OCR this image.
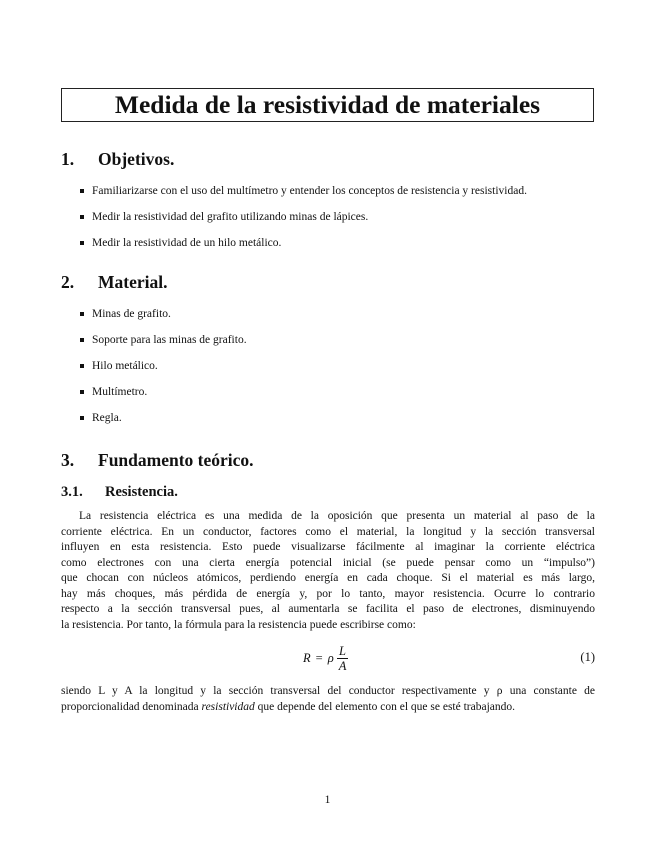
Medida de la resistividad de materiales
1. Objetivos.
Familiarizarse con el uso del multímetro y entender los conceptos de resistencia y resistividad.
Medir la resistividad del grafito utilizando minas de lápices.
Medir la resistividad de un hilo metálico.
2. Material.
Minas de grafito.
Soporte para las minas de grafito.
Hilo metálico.
Multímetro.
Regla.
3. Fundamento teórico.
3.1. Resistencia.
La resistencia eléctrica es una medida de la oposición que presenta un material al paso de la
corriente eléctrica. En un conductor, factores como el material, la longitud y la sección transversal
influyen en esta resistencia. Esto puede visualizarse fácilmente al imaginar la corriente eléctrica
como electrones con una cierta energía potencial inicial (se puede pensar como un “impulso”)
que chocan con núcleos atómicos, perdiendo energía en cada choque. Si el material es más largo,
hay más choques, más pérdida de energía y, por lo tanto, mayor resistencia. Ocurre lo contrario
respecto a la sección transversal pues, al aumentarla se facilita el paso de electrones, disminuyendo
la resistencia. Por tanto, la fórmula para la resistencia puede escribirse como:
R = ρ $\frac{L}{A}$	(1)
siendo L y A la longitud y la sección transversal del conductor respectivamente y ρ una constante de
proporcionalidad denominada resistividad que depende del elemento con el que se esté trabajando.
1
